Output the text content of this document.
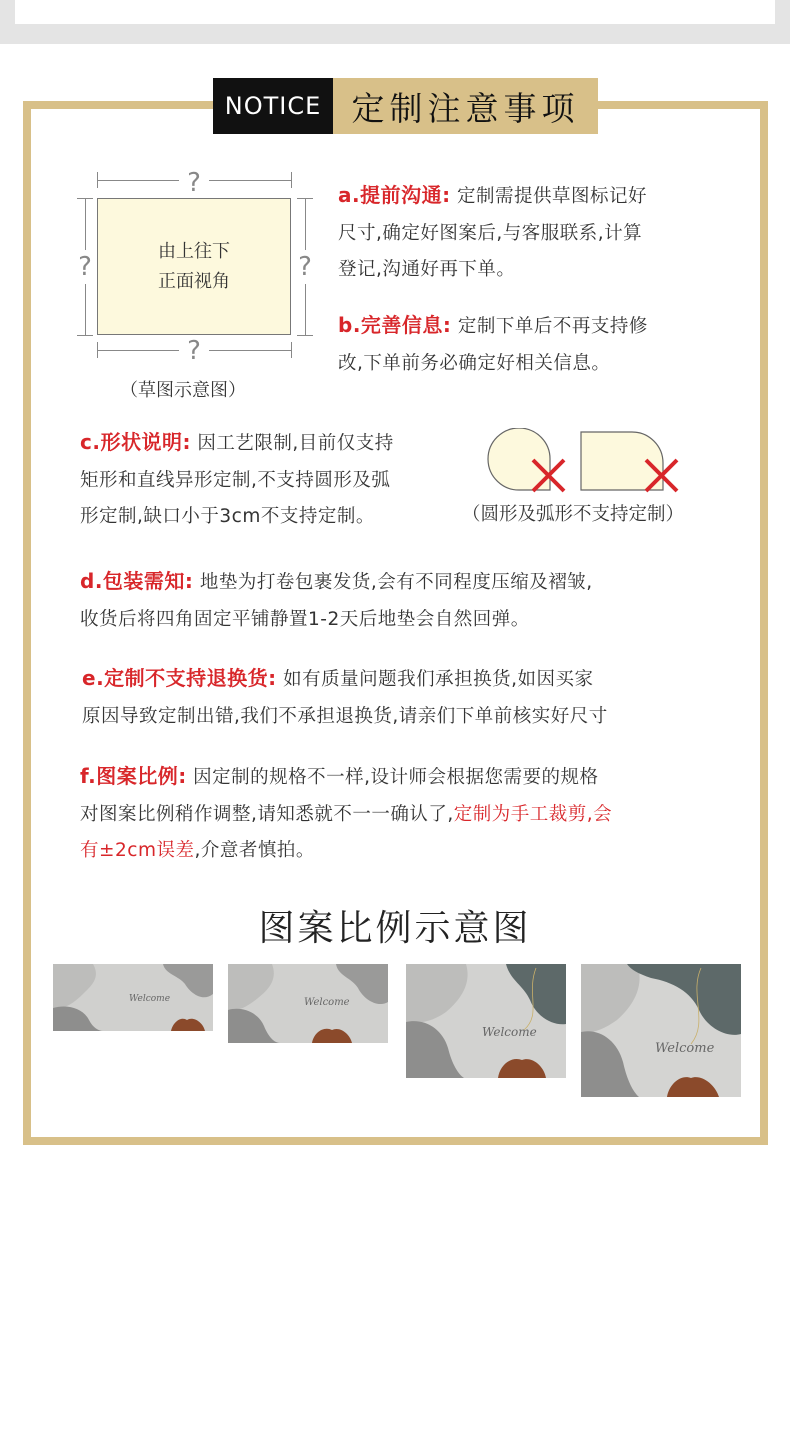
NOTICE 定制注意事项
?
?
?	?
由上往下
正面视角
（草图示意图）
a.提前沟通: 定制需提供草图标记好
尺寸,确定好图案后,与客服联系,计算
登记,沟通好再下单。
b.完善信息: 定制下单后不再支持修
改,下单前务必确定好相关信息。
c.形状说明: 因工艺限制,目前仅支持
矩形和直线异形定制,不支持圆形及弧
形定制,缺口小于3cm不支持定制。	（圆形及弧形不支持定制）
d.包装需知: 地垫为打卷包裹发货,会有不同程度压缩及褶皱,
收货后将四角固定平铺静置1-2天后地垫会自然回弹。
e.定制不支持退换货: 如有质量问题我们承担换货,如因买家
原因导致定制出错,我们不承担退换货,请亲们下单前核实好尺寸
f.图案比例: 因定制的规格不一样,设计师会根据您需要的规格
对图案比例稍作调整,请知悉就不一一确认了,定制为手工裁剪,会
有±2cm误差,介意者慎拍。
图案比例示意图
Welcome	Welcome
Welcome
Welcome
